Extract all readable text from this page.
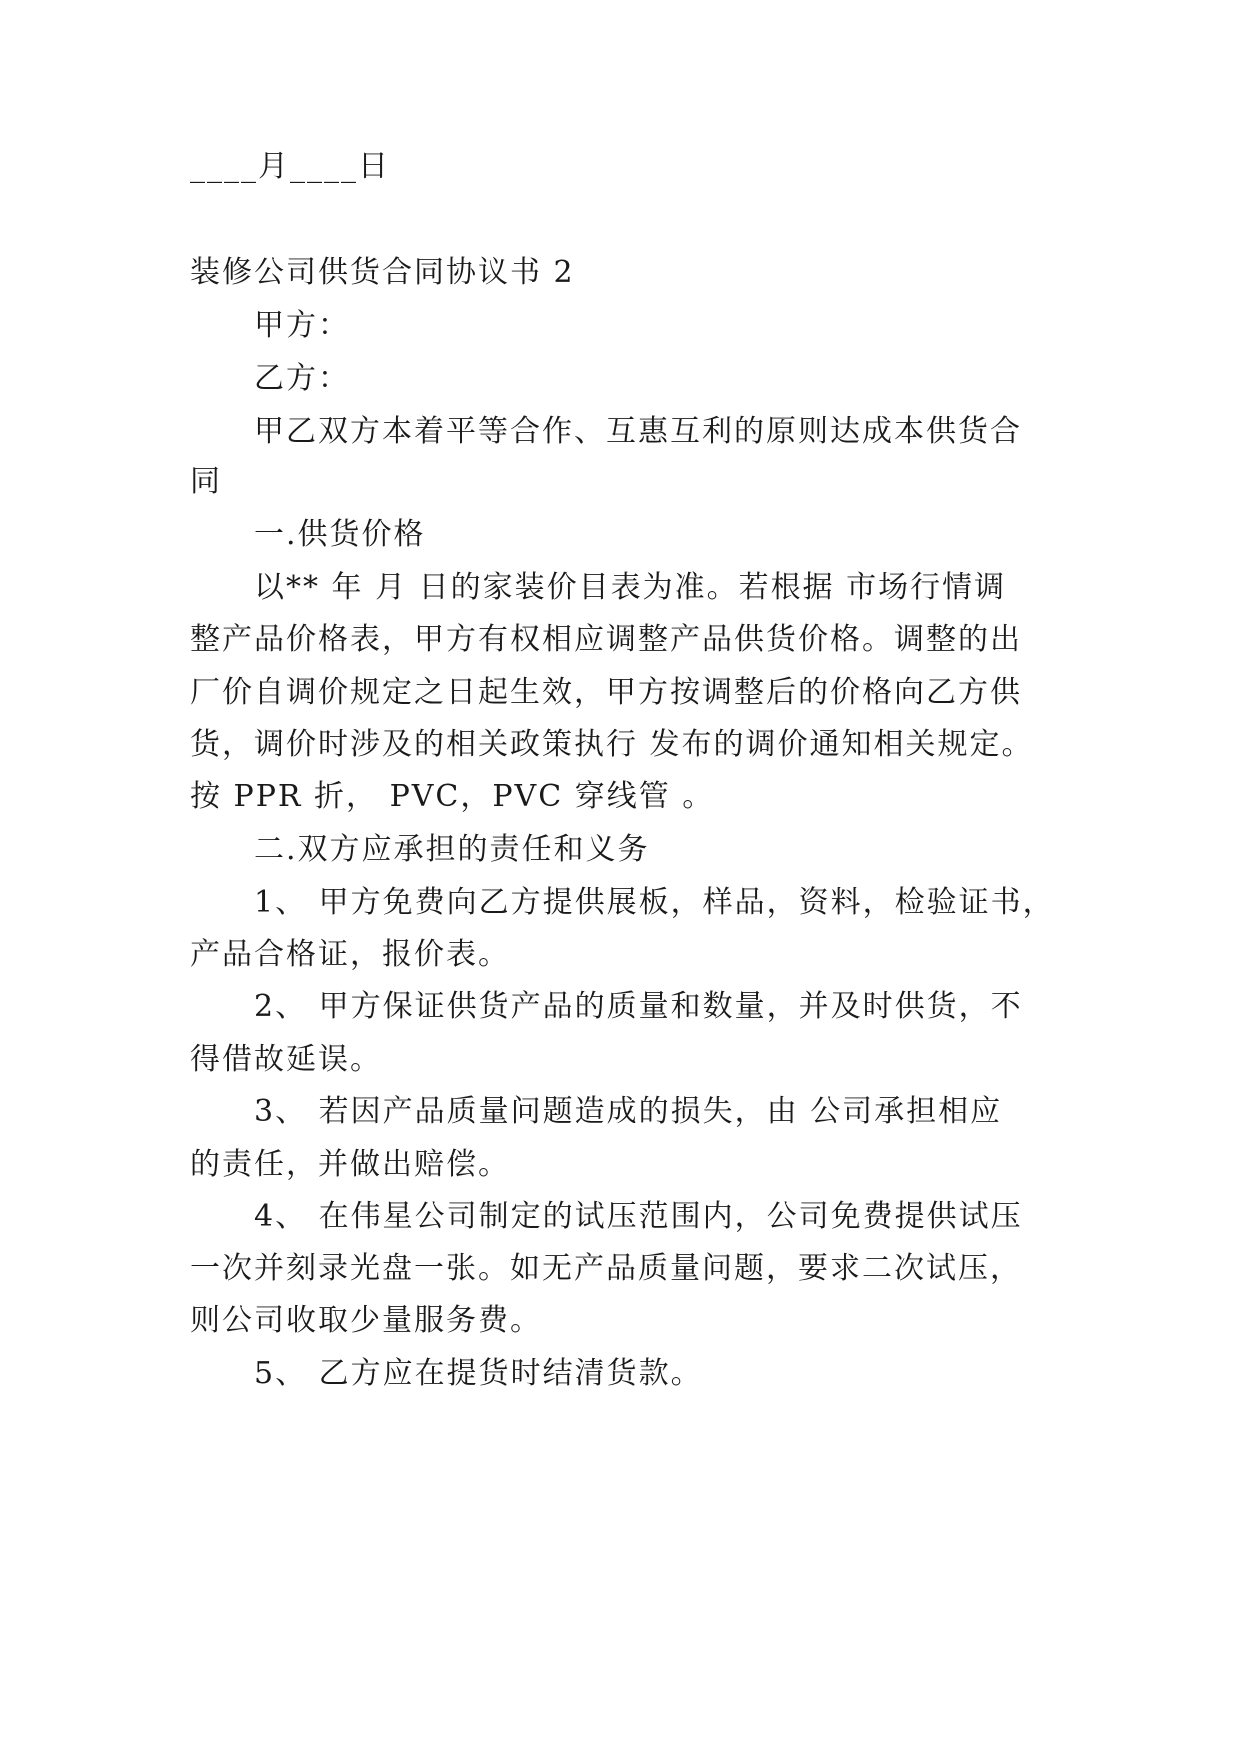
____月____日
装修公司供货合同协议书 2
甲方：
乙方：
甲乙双方本着平等合作、互惠互利的原则达成本供货合
同
一.供货价格
以** 年 月 日的家装价目表为准。若根据 市场行情调
整产品价格表，甲方有权相应调整产品供货价格。调整的出
厂价自调价规定之日起生效，甲方按调整后的价格向乙方供
货，调价时涉及的相关政策执行 发布的调价通知相关规定。
按 PPR 折， PVC，PVC 穿线管 。
二.双方应承担的责任和义务
1、 甲方免费向乙方提供展板，样品，资料，检验证书，
产品合格证，报价表。
2、 甲方保证供货产品的质量和数量，并及时供货，不
得借故延误。
3、 若因产品质量问题造成的损失，由 公司承担相应
的责任，并做出赔偿。
4、 在伟星公司制定的试压范围内，公司免费提供试压
一次并刻录光盘一张。如无产品质量问题，要求二次试压，
则公司收取少量服务费。
5、 乙方应在提货时结清货款。
